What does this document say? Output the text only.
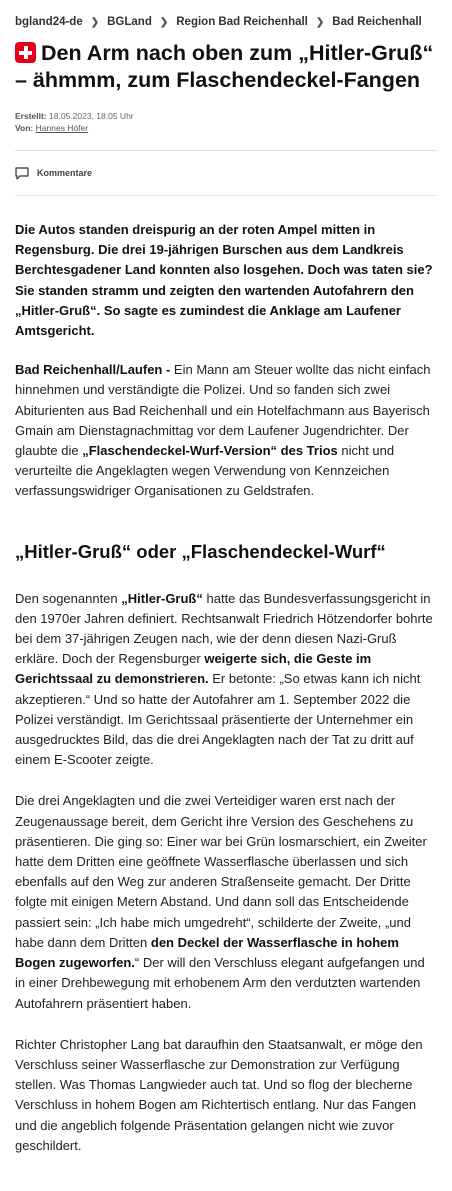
bgland24-de ❯ BGLand ❯ Region Bad Reichenhall ❯ Bad Reichenhall
Den Arm nach oben zum „Hitler-Gruß“ – ähmmm, zum Flaschendeckel-Fangen
Erstellt: 18.05.2023, 18:05 Uhr
Von: Hannes Höfer
Kommentare

Die Autos standen dreispurig an der roten Ampel mitten in Regensburg. Die drei 19-jährigen Burschen aus dem Landkreis Berchtesgadener Land konnten also losgehen. Doch was taten sie? Sie standen stramm und zeigten den wartenden Autofahrern den „Hitler-Gruß“. So sagte es zumindest die Anklage am Laufener Amtsgericht.

Bad Reichenhall/Laufen - Ein Mann am Steuer wollte das nicht einfach hinnehmen und verständigte die Polizei. Und so fanden sich zwei Abiturienten aus Bad Reichenhall und ein Hotelfachmann aus Bayerisch Gmain am Dienstagnachmittag vor dem Laufener Jugendrichter. Der glaubte die „Flaschendeckel-Wurf-Version“ des Trios nicht und verurteilte die Angeklagten wegen Verwendung von Kennzeichen verfassungswidriger Organisationen zu Geldstrafen.

„Hitler-Gruß“ oder „Flaschendeckel-Wurf“

Den sogenannten „Hitler-Gruß“ hatte das Bundesverfassungsgericht in den 1970er Jahren definiert. Rechtsanwalt Friedrich Hötzendorfer bohrte bei dem 37-jährigen Zeugen nach, wie der denn diesen Nazi-Gruß erkläre. Doch der Regensburger weigerte sich, die Geste im Gerichtssaal zu demonstrieren. Er betonte: „So etwas kann ich nicht akzeptieren.“ Und so hatte der Autofahrer am 1. September 2022 die Polizei verständigt. Im Gerichtssaal präsentierte der Unternehmer ein ausgedrucktes Bild, das die drei Angeklagten nach der Tat zu dritt auf einem E-Scooter zeigte.

Die drei Angeklagten und die zwei Verteidiger waren erst nach der Zeugenaussage bereit, dem Gericht ihre Version des Geschehens zu präsentieren. Die ging so: Einer war bei Grün losmarschiert, ein Zweiter hatte dem Dritten eine geöffnete Wasserflasche überlassen und sich ebenfalls auf den Weg zur anderen Straßenseite gemacht. Der Dritte folgte mit einigen Metern Abstand. Und dann soll das Entscheidende passiert sein: „Ich habe mich umgedreht“, schilderte der Zweite, „und habe dann dem Dritten den Deckel der Wasserflasche in hohem Bogen zugeworfen.“ Der will den Verschluss elegant aufgefangen und in einer Drehbewegung mit erhobenem Arm den verdutzten wartenden Autofahrern präsentiert haben.

Richter Christopher Lang bat daraufhin den Staatsanwalt, er möge den Verschluss seiner Wasserflasche zur Demonstration zur Verfügung stellen. Was Thomas Langwieder auch tat. Und so flog der blecherne Verschluss in hohem Bogen am Richtertisch entlang. Nur das Fangen und die angeblich folgende Präsentation gelangen nicht wie zuvor geschildert.
